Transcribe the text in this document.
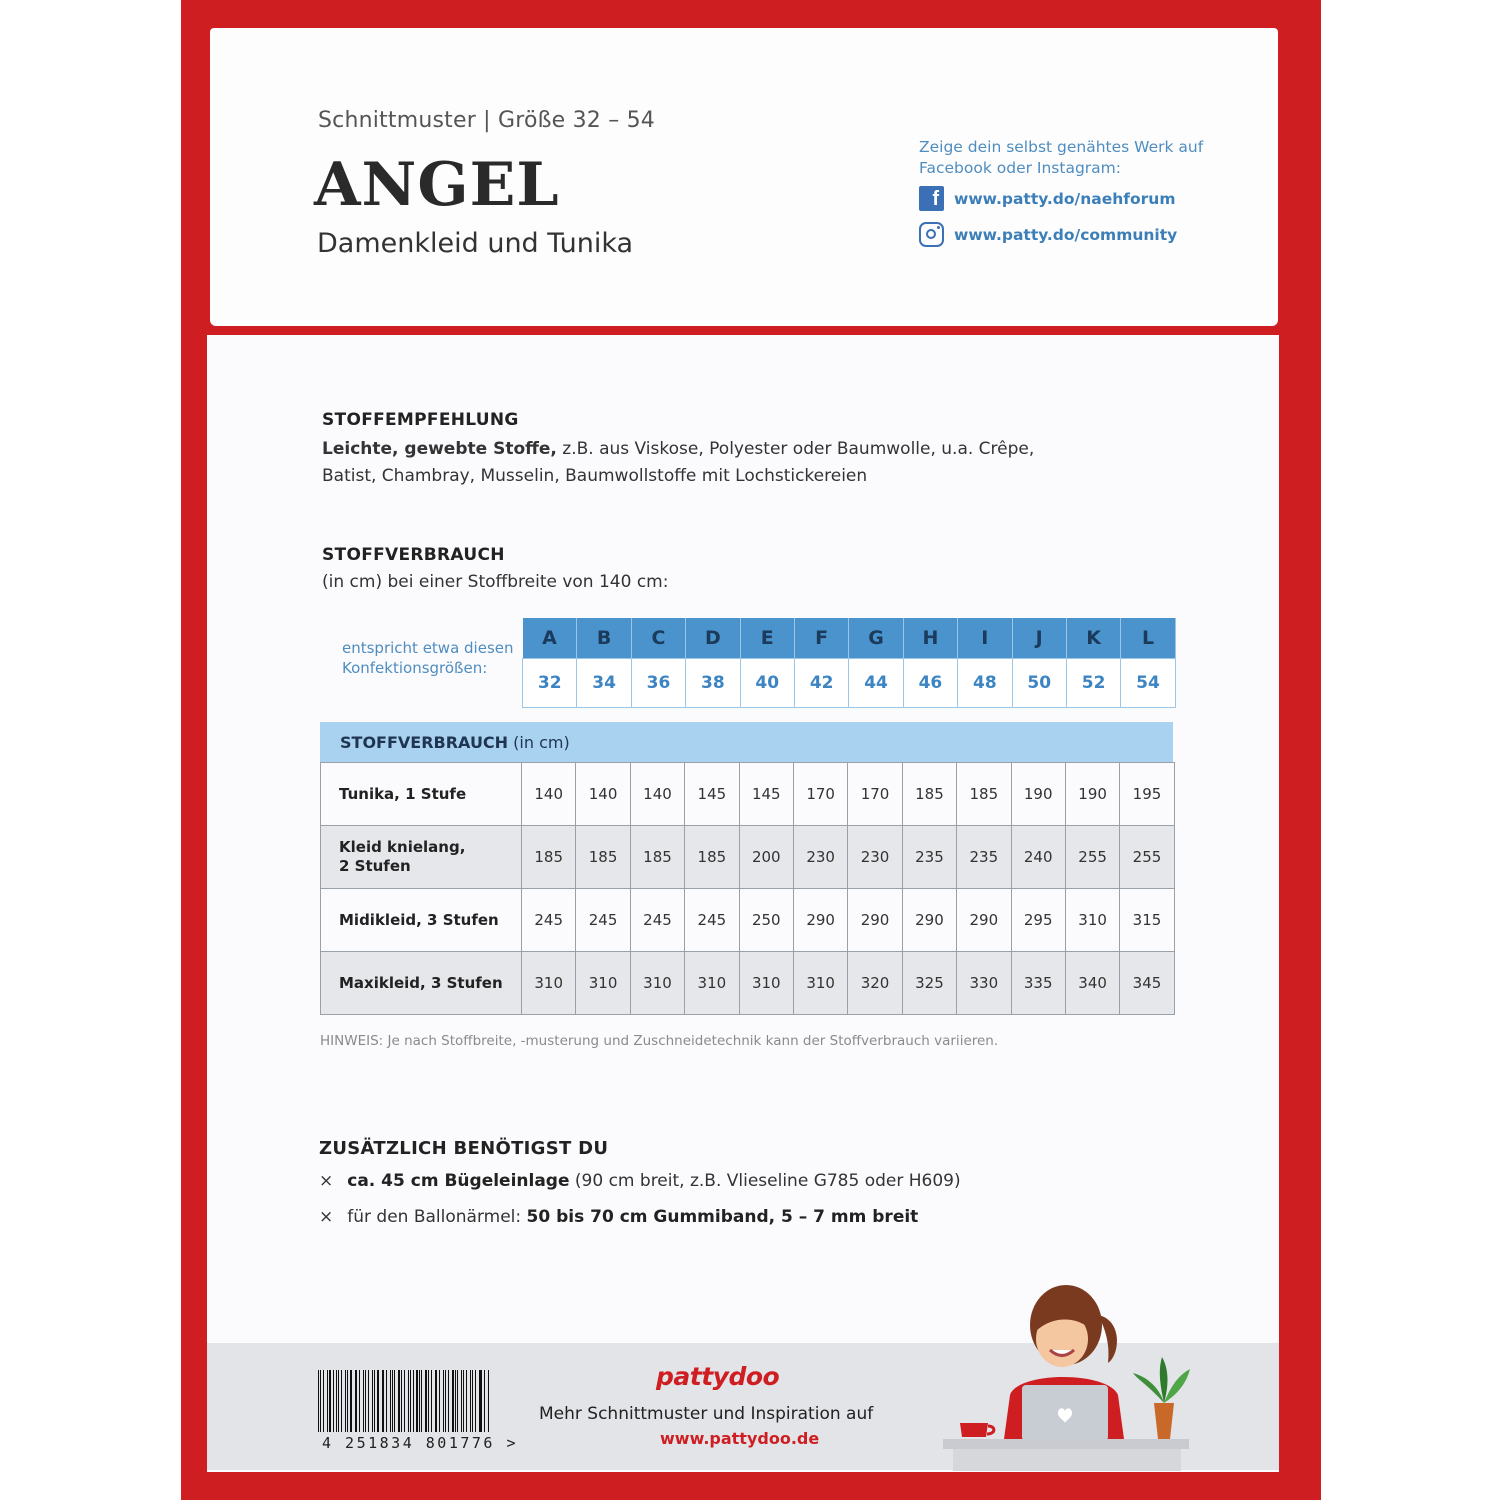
Schnittmuster | Größe 32 – 54
ANGEL
Damenkleid und Tunika
Zeige dein selbst genähtes Werk auf Facebook oder Instagram:
f www.patty.do/naehforum
www.patty.do/community
STOFFEMPFEHLUNG
Leichte, gewebte Stoffe, z.B. aus Viskose, Polyester oder Baumwolle, u.a. Crêpe,
Batist, Chambray, Musselin, Baumwollstoffe mit Lochstickereien
STOFFVERBRAUCH
(in cm) bei einer Stoffbreite von 140 cm:
entspricht etwa diesen Konfektionsgrößen:
A	B	C	D	E	F	G	H	I	J	K	L
32	34	36	38	40	42	44	46	48	50	52	54
STOFFVERBRAUCH
(in cm)
Tunika, 1 Stufe	140	140	140	145	145	170	170	185	185	190	190	195
Kleid knielang,
2 Stufen	185	185	185	185	200	230	230	235	235	240	255	255
Midikleid, 3 Stufen	245	245	245	245	250	290	290	290	290	295	310	315
Maxikleid, 3 Stufen	310	310	310	310	310	310	320	325	330	335	340	345
HINWEIS: Je nach Stoffbreite, -musterung und Zuschneidetechnik kann der Stoffverbrauch variieren.
ZUSÄTZLICH BENÖTIGST DU
× ca. 45 cm Bügeleinlage (90 cm breit, z.B. Vlieseline G785 oder H609)
× für den Ballonärmel: 50 bis 70 cm Gummiband, 5 – 7 mm breit
4 251834 801776 >
pattydoo
Mehr Schnittmuster und Inspiration auf
www.pattydoo.de
